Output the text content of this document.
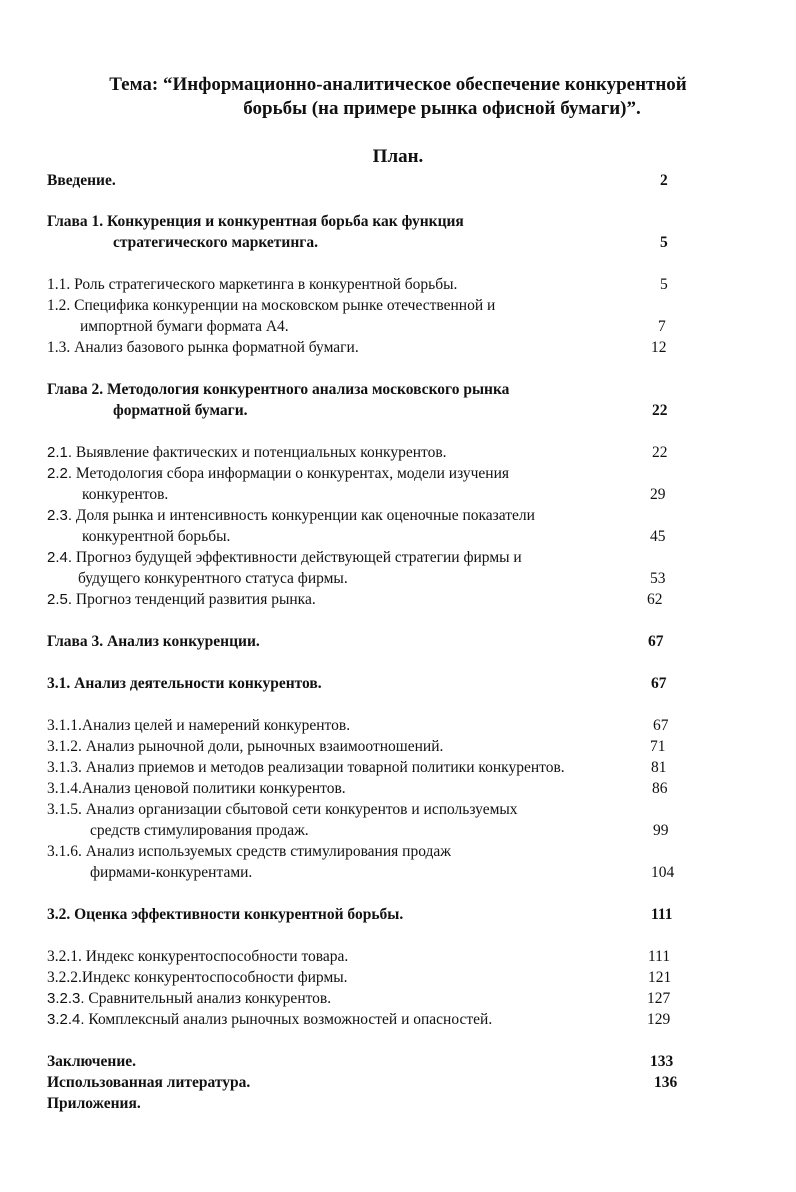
Тема: “Информационно-аналитическое обеспечение конкурентной
борьбы (на примере рынка офисной бумаги)”.
План.
Введение.	2
Глава 1. Конкуренция и конкурентная борьба как функция
стратегического маркетинга.	5
1.1. Роль стратегического маркетинга в конкурентной борьбы.	5
1.2. Специфика конкуренции на московском рынке отечественной и
импортной бумаги формата А4.	7
1.3. Анализ базового рынка форматной бумаги.	12
Глава 2. Методология конкурентного анализа московского рынка
форматной бумаги.	22
2.1. Выявление фактических и потенциальных конкурентов.	22
2.2. Методология сбора информации о конкурентах, модели изучения
конкурентов.	29
2.3. Доля рынка и интенсивность конкуренции как оценочные показатели
конкурентной борьбы.	45
2.4. Прогноз будущей эффективности действующей стратегии фирмы и
будущего конкурентного статуса фирмы.	53
2.5. Прогноз тенденций развития рынка.	62
Глава 3. Анализ конкуренции.	67
3.1. Анализ деятельности конкурентов.	67
3.1.1.Анализ целей и намерений конкурентов.	67
3.1.2. Анализ рыночной доли, рыночных взаимоотношений.	71
3.1.3. Анализ приемов и методов реализации товарной политики конкурентов.	81
3.1.4.Анализ ценовой политики конкурентов.	86
3.1.5. Анализ организации сбытовой сети конкурентов и используемых
средств стимулирования продаж.	99
3.1.6. Анализ используемых средств стимулирования продаж
фирмами-конкурентами.	104
3.2. Оценка эффективности конкурентной борьбы.	111
3.2.1. Индекс конкурентоспособности товара.	111
3.2.2.Индекс конкурентоспособности фирмы.	121
3.2.3. Сравнительный анализ конкурентов.	127
3.2.4. Комплексный анализ рыночных возможностей и опасностей.	129
Заключение.	133
Использованная литература.	136
Приложения.
